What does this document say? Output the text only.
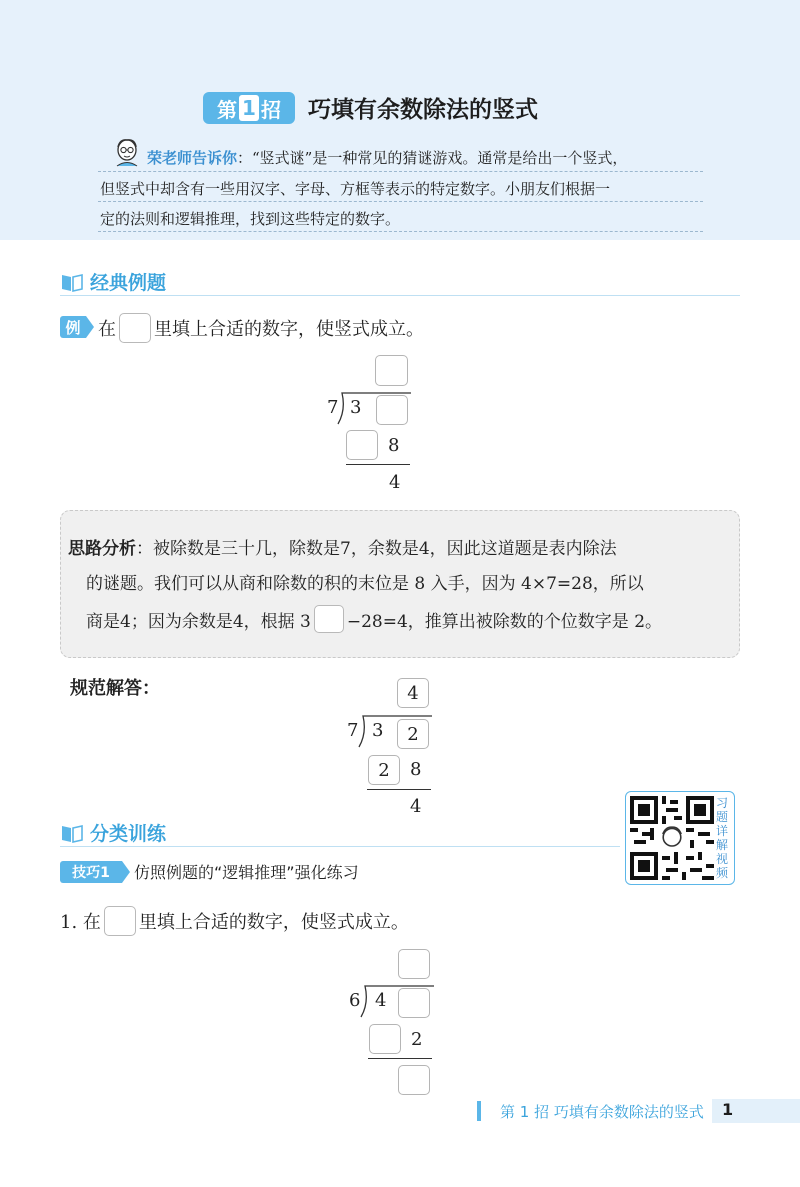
第 1 招 巧填有余数除法的竖式
荣老师告诉你：“竖式谜”是一种常见的猜谜游戏。通常是给出一个竖式，
但竖式中却含有一些用汉字、字母、方框等表示的特定数字。小朋友们根据一
定的法则和逻辑推理，找到这些特定的数字。
经典例题
例 在 里填上合适的数字，使竖式成立。
7 3
8
4
思路分析 ：被除数是三十几，除数是7，余数是4，因此这道题是表内除法
的谜题。我们可以从商和除数的积的末位是 8 入手，因为 4×7=28，所以
商是4；因为余数是4，根据 3 −28=4，推算出被除数的个位数字是 2。
规范解答：	4
7 3	2
2	8
4	习
题
详
解
视
频
分类训练
技巧1	仿照例题的“逻辑推理”强化练习
1. 在 里填上合适的数字，使竖式成立。
6 4
2
第 1 招 巧填有余数除法的竖式 1
